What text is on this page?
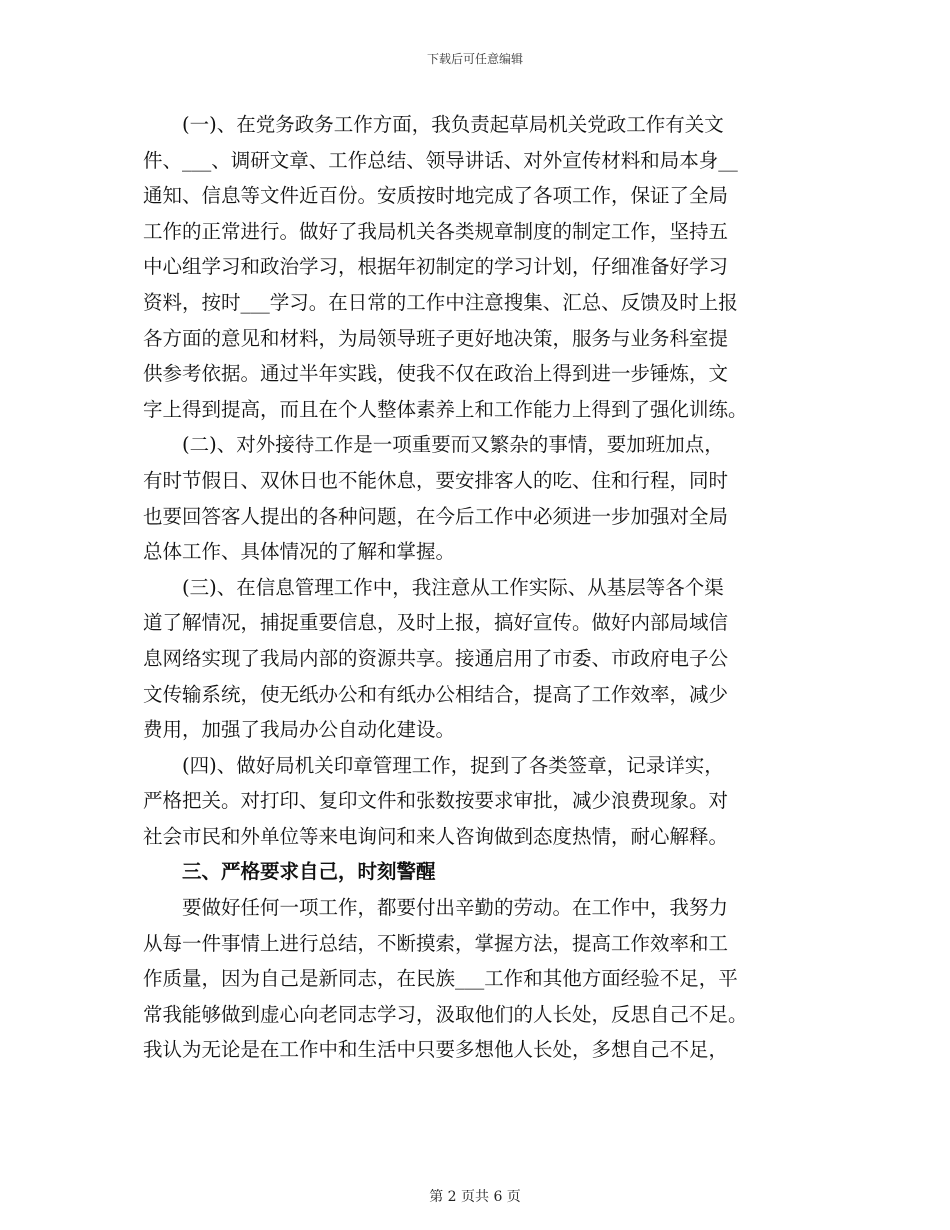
下载后可任意编辑
　　(一)、在党务政务工作方面，我负责起草局机关党政工作有关文
件、___、调研文章、工作总结、领导讲话、对外宣传材料和局本身__
通知、信息等文件近百份。安质按时地完成了各项工作，保证了全局
工作的正常进行。做好了我局机关各类规章制度的制定工作，坚持五
中心组学习和政治学习，根据年初制定的学习计划，仔细准备好学习
资料，按时___学习。在日常的工作中注意搜集、汇总、反馈及时上报
各方面的意见和材料，为局领导班子更好地决策，服务与业务科室提
供参考依据。通过半年实践，使我不仅在政治上得到进一步锤炼，文
字上得到提高，而且在个人整体素养上和工作能力上得到了强化训练。
　　(二)、对外接待工作是一项重要而又繁杂的事情，要加班加点，
有时节假日、双休日也不能休息，要安排客人的吃、住和行程，同时
也要回答客人提出的各种问题，在今后工作中必须进一步加强对全局
总体工作、具体情况的了解和掌握。
　　(三)、在信息管理工作中，我注意从工作实际、从基层等各个渠
道了解情况，捕捉重要信息，及时上报，搞好宣传。做好内部局域信
息网络实现了我局内部的资源共享。接通启用了市委、市政府电子公
文传输系统，使无纸办公和有纸办公相结合，提高了工作效率，减少
费用，加强了我局办公自动化建设。
　　(四)、做好局机关印章管理工作，捉到了各类签章，记录详实，
严格把关。对打印、复印文件和张数按要求审批，减少浪费现象。对
社会市民和外单位等来电询问和来人咨询做到态度热情，耐心解释。
　　三、严格要求自己，时刻警醒
　　要做好任何一项工作，都要付出辛勤的劳动。在工作中，我努力
从每一件事情上进行总结，不断摸索，掌握方法，提高工作效率和工
作质量，因为自己是新同志，在民族___工作和其他方面经验不足，平
常我能够做到虚心向老同志学习，汲取他们的人长处，反思自己不足。
我认为无论是在工作中和生活中只要多想他人长处，多想自己不足，
第 2 页共 6 页
